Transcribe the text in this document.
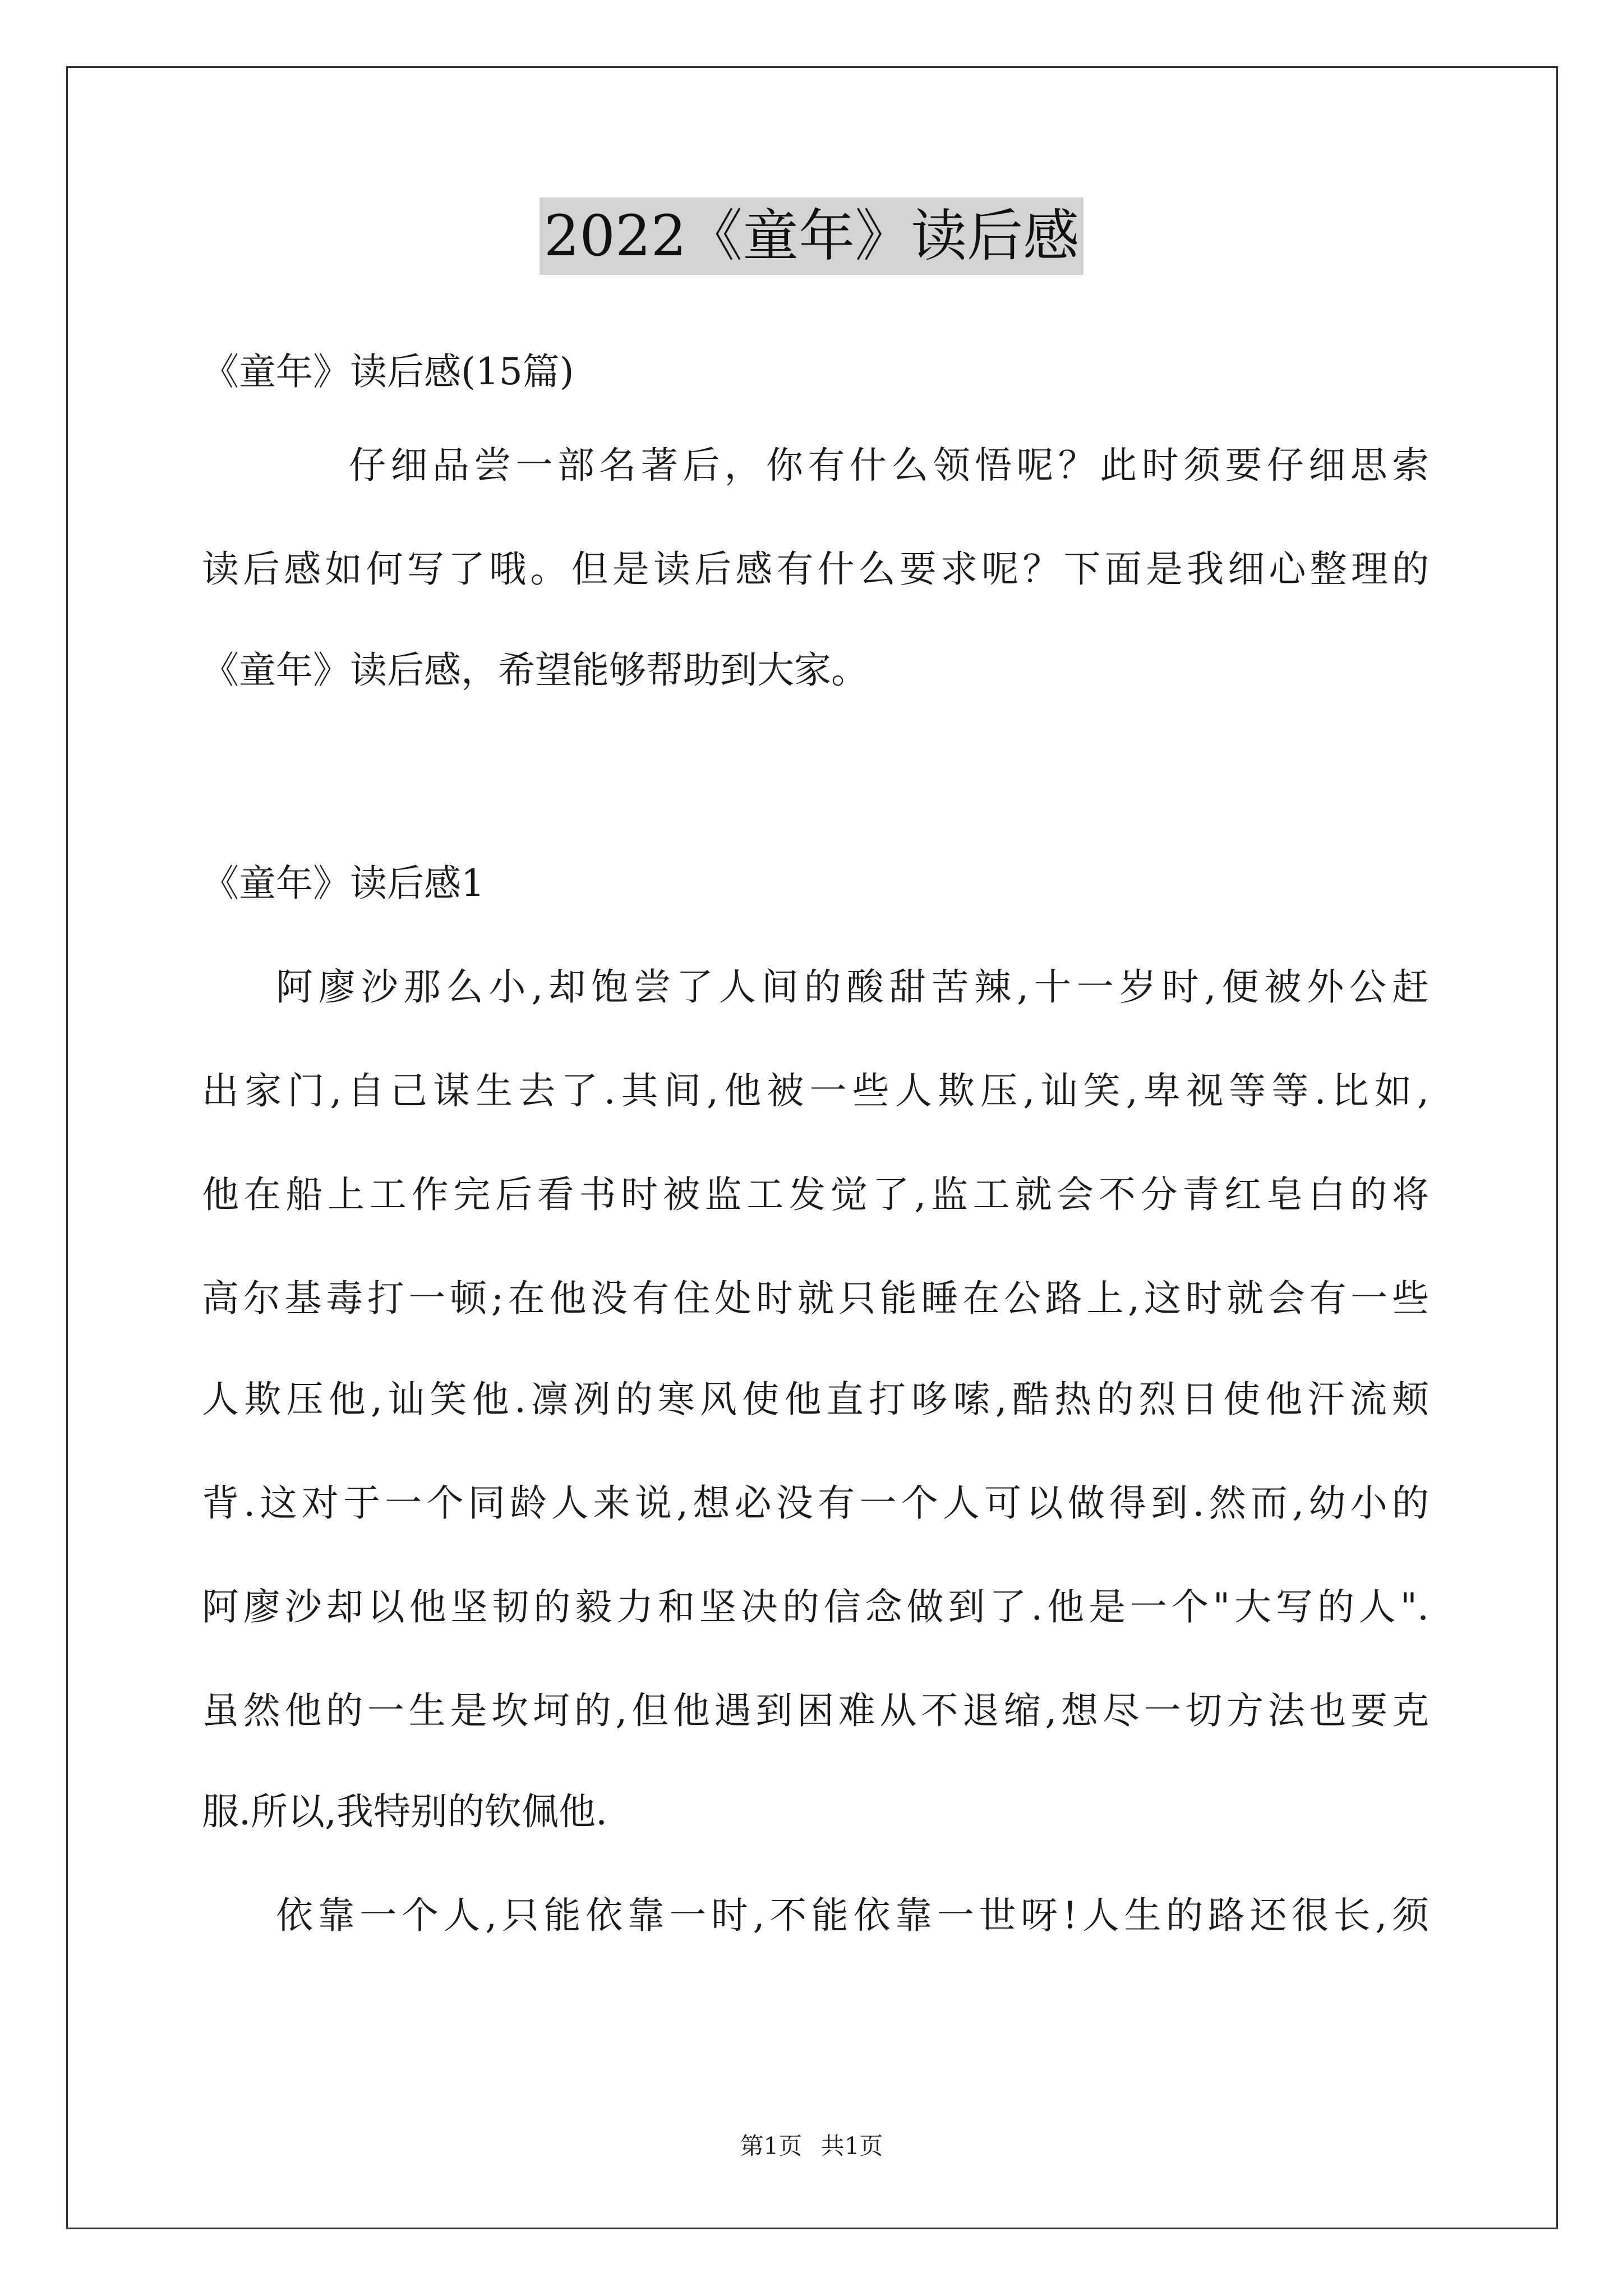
2022《童年》读后感
《童年》读后感(15篇)
仔细品尝一部名著后，你有什么领悟呢？此时须要仔细思索
读后感如何写了哦。但是读后感有什么要求呢？下面是我细心整理的
《童年》读后感，希望能够帮助到大家。
《童年》读后感1
阿廖沙那么小,却饱尝了人间的酸甜苦辣,十一岁时,便被外公赶
出家门,自己谋生去了.其间,他被一些人欺压,讪笑,卑视等等.比如,
他在船上工作完后看书时被监工发觉了,监工就会不分青红皂白的将
高尔基毒打一顿;在他没有住处时就只能睡在公路上,这时就会有一些
人欺压他,讪笑他.凛冽的寒风使他直打哆嗦,酷热的烈日使他汗流颊
背.这对于一个同龄人来说,想必没有一个人可以做得到.然而,幼小的
阿廖沙却以他坚韧的毅力和坚决的信念做到了.他是一个"大写的人".
虽然他的一生是坎坷的,但他遇到困难从不退缩,想尽一切方法也要克
服.所以,我特别的钦佩他.
依靠一个人,只能依靠一时,不能依靠一世呀!人生的路还很长,须
第1页 共1页
